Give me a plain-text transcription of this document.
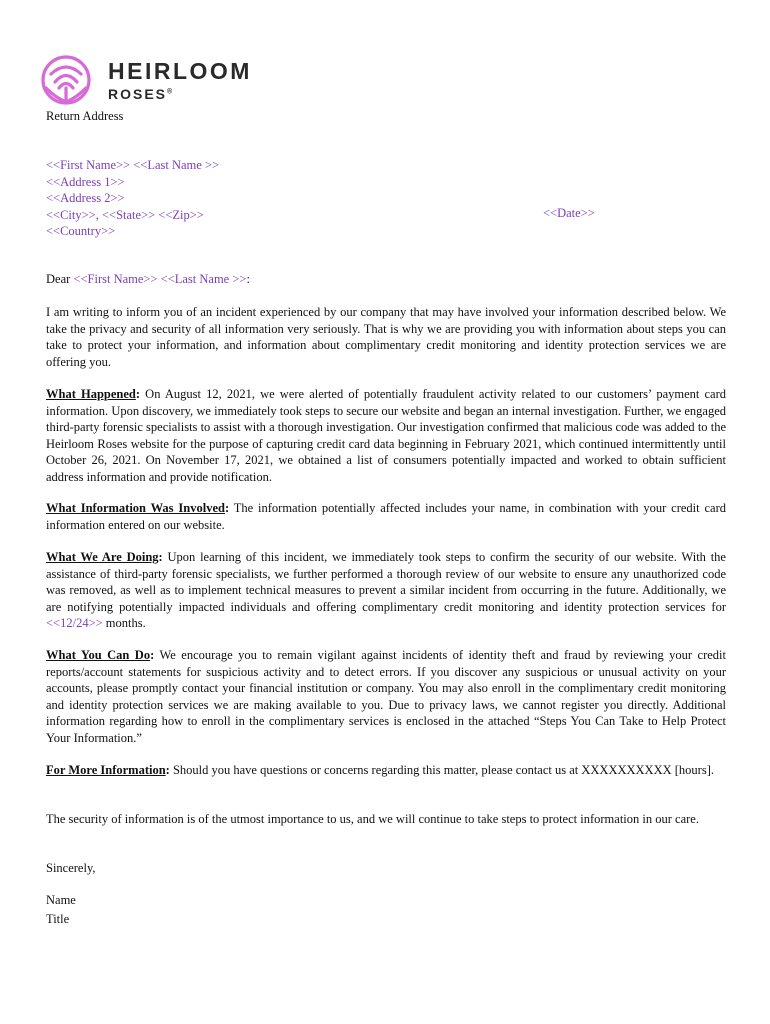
HEIRLOOM
ROSES®
Return Address
<<First Name>> <<Last Name >>
<<Address 1>>
<<Address 2>>
<<City>>, <<State>> <<Zip>>
<<Country>>
<<Date>>
Dear <<First Name>> <<Last Name >>:
I am writing to inform you of an incident experienced by our company that may have involved your information described below. We take the privacy and security of all information very seriously. That is why we are providing you with information about steps you can take to protect your information, and information about complimentary credit monitoring and identity protection services we are offering you.
What Happened: On August 12, 2021, we were alerted of potentially fraudulent activity related to our customers’ payment card information. Upon discovery, we immediately took steps to secure our website and began an internal investigation. Further, we engaged third-party forensic specialists to assist with a thorough investigation. Our investigation confirmed that malicious code was added to the Heirloom Roses website for the purpose of capturing credit card data beginning in February 2021, which continued intermittently until October 26, 2021. On November 17, 2021, we obtained a list of consumers potentially impacted and worked to obtain sufficient address information and provide notification.
What Information Was Involved: The information potentially affected includes your name, in combination with your credit card information entered on our website.
What We Are Doing: Upon learning of this incident, we immediately took steps to confirm the security of our website. With the assistance of third-party forensic specialists, we further performed a thorough review of our website to ensure any unauthorized code was removed, as well as to implement technical measures to prevent a similar incident from occurring in the future. Additionally, we are notifying potentially impacted individuals and offering complimentary credit monitoring and identity protection services for <<12/24>> months.
What You Can Do: We encourage you to remain vigilant against incidents of identity theft and fraud by reviewing your credit reports/account statements for suspicious activity and to detect errors. If you discover any suspicious or unusual activity on your accounts, please promptly contact your financial institution or company. You may also enroll in the complimentary credit monitoring and identity protection services we are making available to you. Due to privacy laws, we cannot register you directly. Additional information regarding how to enroll in the complimentary services is enclosed in the attached “Steps You Can Take to Help Protect Your Information.”
For More Information: Should you have questions or concerns regarding this matter, please contact us at XXXXXXXXXX [hours].
The security of information is of the utmost importance to us, and we will continue to take steps to protect information in our care.
Sincerely,
Name
Title
